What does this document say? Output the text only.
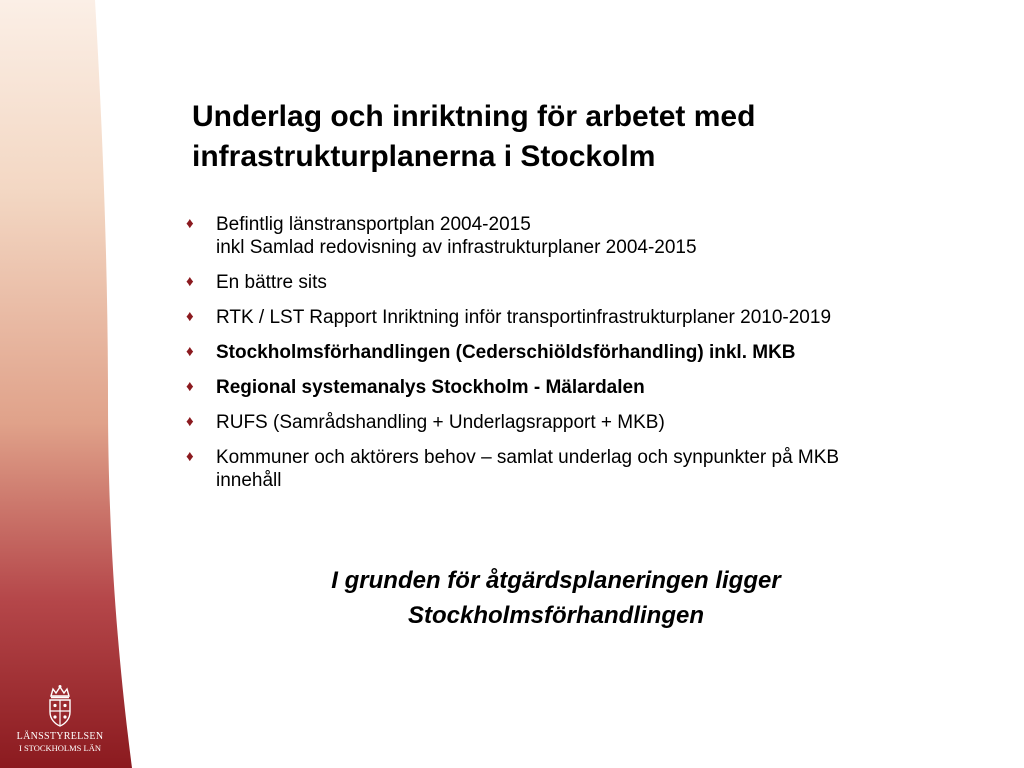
Underlag och inriktning för arbetet med
infrastrukturplanerna i Stockolm
♦ Befintlig länstransportplan 2004-2015
inkl Samlad redovisning av infrastrukturplaner 2004-2015
♦ En bättre sits
♦ RTK / LST Rapport Inriktning inför transportinfrastrukturplaner 2010-2019
♦ Stockholmsförhandlingen (Cederschiöldsförhandling) inkl. MKB
♦ Regional systemanalys Stockholm - Mälardalen
♦ RUFS (Samrådshandling + Underlagsrapport + MKB)
♦ Kommuner och aktörers behov – samlat underlag och synpunkter på MKB
innehåll
I grunden för åtgärdsplaneringen ligger
Stockholmsförhandlingen
LÄNSSTYRELSEN
I STOCKHOLMS LÄN
